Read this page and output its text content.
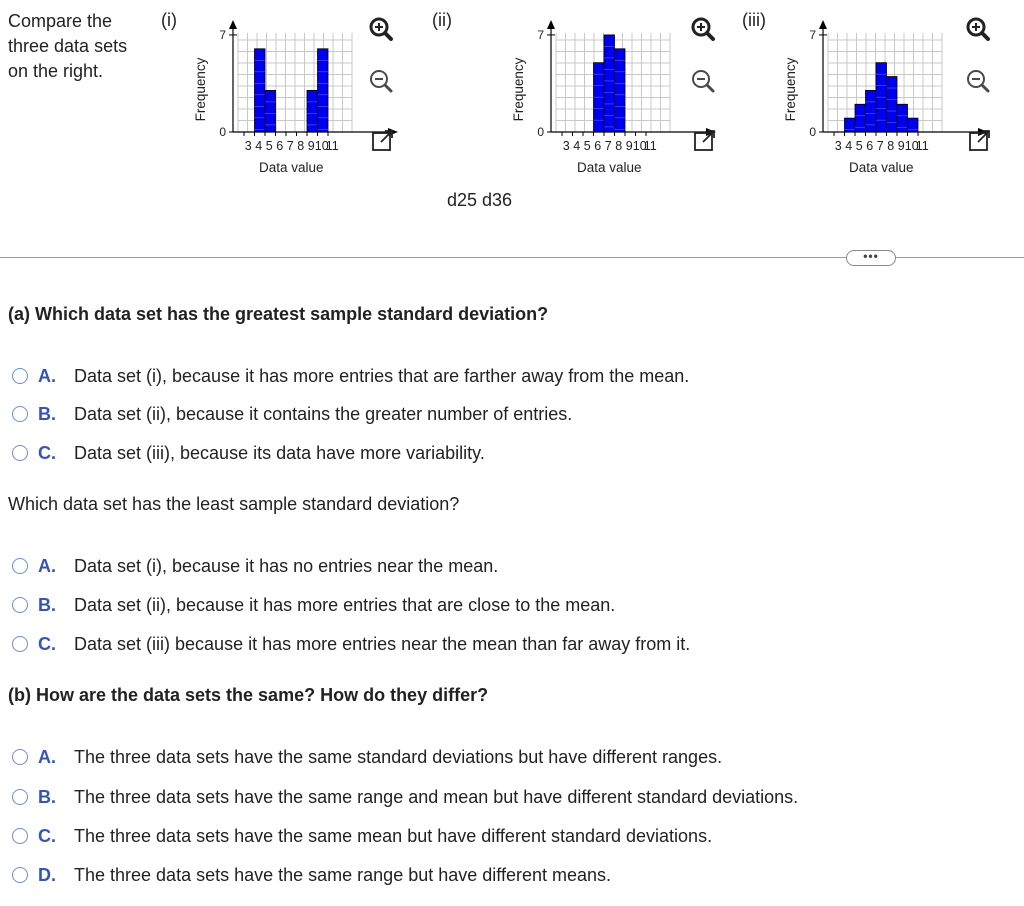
Compare the
three data sets
on the right.
(i)
0
7
3 4 5 6 7 8 9 10
11
Data value
Frequency
(ii)
0
7
3 4 5 6 7 8 9 10
11
Data value
Frequency
(iii)
0
7
3 4 5 6 7 8 9 10
11
Data value
Frequency
d25 d36
•••
(a) Which data set has the greatest sample standard deviation?
A.	Data set (i), because it has more entries that are farther away from the mean.
B.	Data set (ii), because it contains the greater number of entries.
C.	Data set (iii), because its data have more variability.
Which data set has the least sample standard deviation?
A.	Data set (i), because it has no entries near the mean.
B.	Data set (ii), because it has more entries that are close to the mean.
C.	Data set (iii) because it has more entries near the mean than far away from it.
(b) How are the data sets the same? How do they differ?
A.	The three data sets have the same standard deviations but have different ranges.
B.	The three data sets have the same range and mean but have different standard deviations.
C.	The three data sets have the same mean but have different standard deviations.
D.	The three data sets have the same range but have different means.
